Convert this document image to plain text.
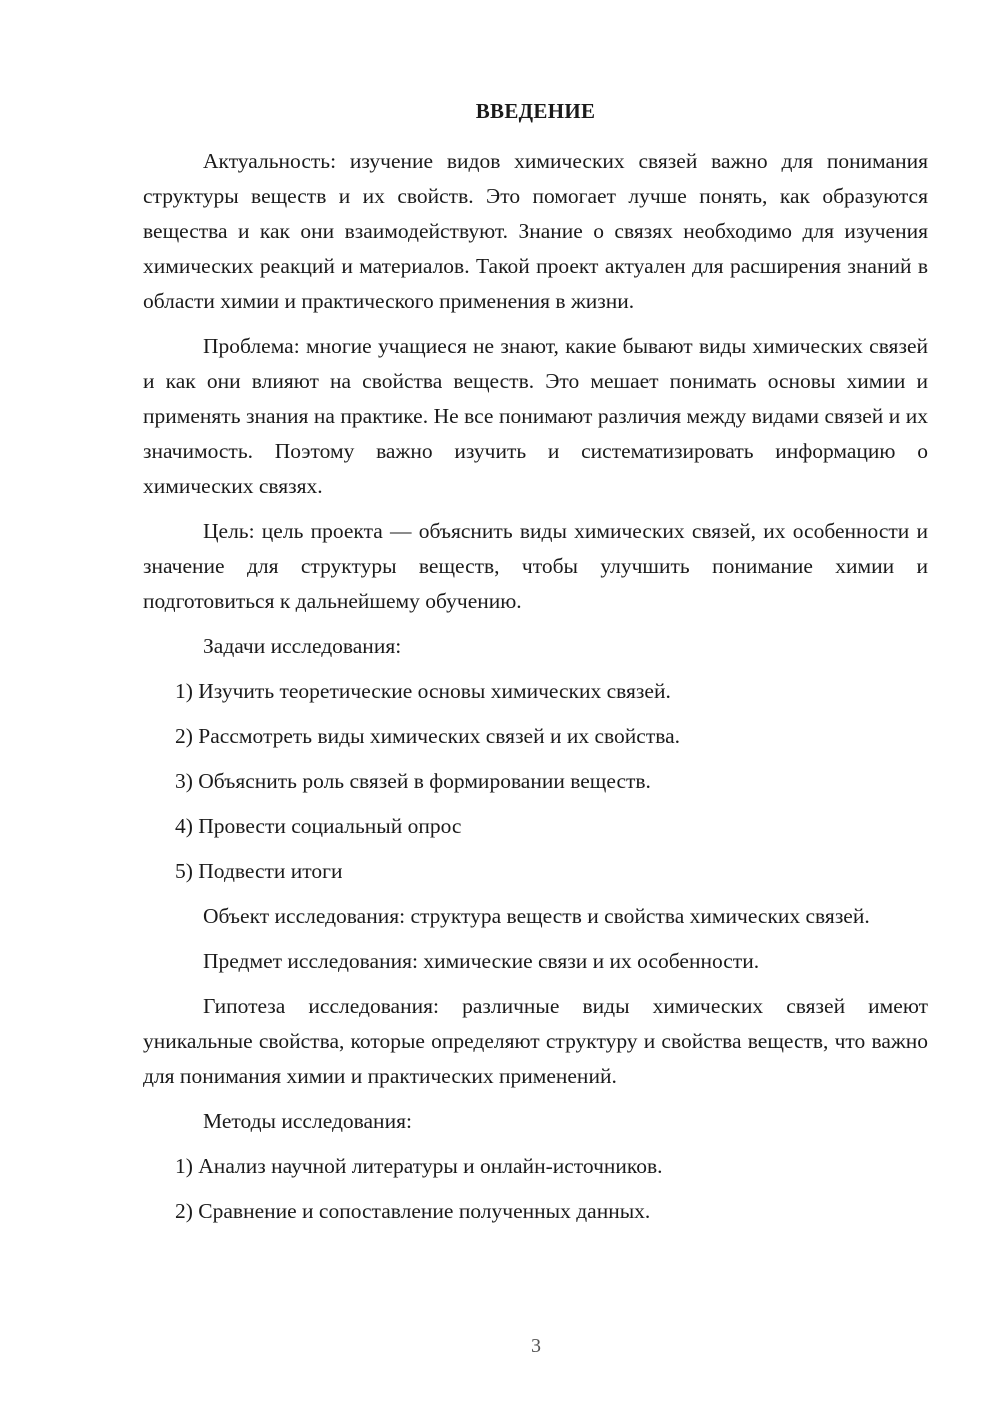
ВВЕДЕНИЕ

Актуальность: изучение видов химических связей важно для понимания структуры веществ и их свойств. Это помогает лучше понять, как образуются вещества и как они взаимодействуют. Знание о связях необходимо для изучения химических реакций и материалов. Такой проект актуален для расширения знаний в области химии и практического применения в жизни.

Проблема: многие учащиеся не знают, какие бывают виды химических связей и как они влияют на свойства веществ. Это мешает понимать основы химии и применять знания на практике. Не все понимают различия между видами связей и их значимость. Поэтому важно изучить и систематизировать информацию о химических связях.

Цель: цель проекта — объяснить виды химических связей, их особенности и значение для структуры веществ, чтобы улучшить понимание химии и подготовиться к дальнейшему обучению.

Задачи исследования:

1) Изучить теоретические основы химических связей.
2) Рассмотреть виды химических связей и их свойства.
3) Объяснить роль связей в формировании веществ.
4) Провести социальный опрос
5) Подвести итоги

Объект исследования: структура веществ и свойства химических связей.

Предмет исследования: химические связи и их особенности.

Гипотеза исследования: различные виды химических связей имеют уникальные свойства, которые определяют структуру и свойства веществ, что важно для понимания химии и практических применений.

Методы исследования:

1) Анализ научной литературы и онлайн-источников.
2) Сравнение и сопоставление полученных данных.
3
